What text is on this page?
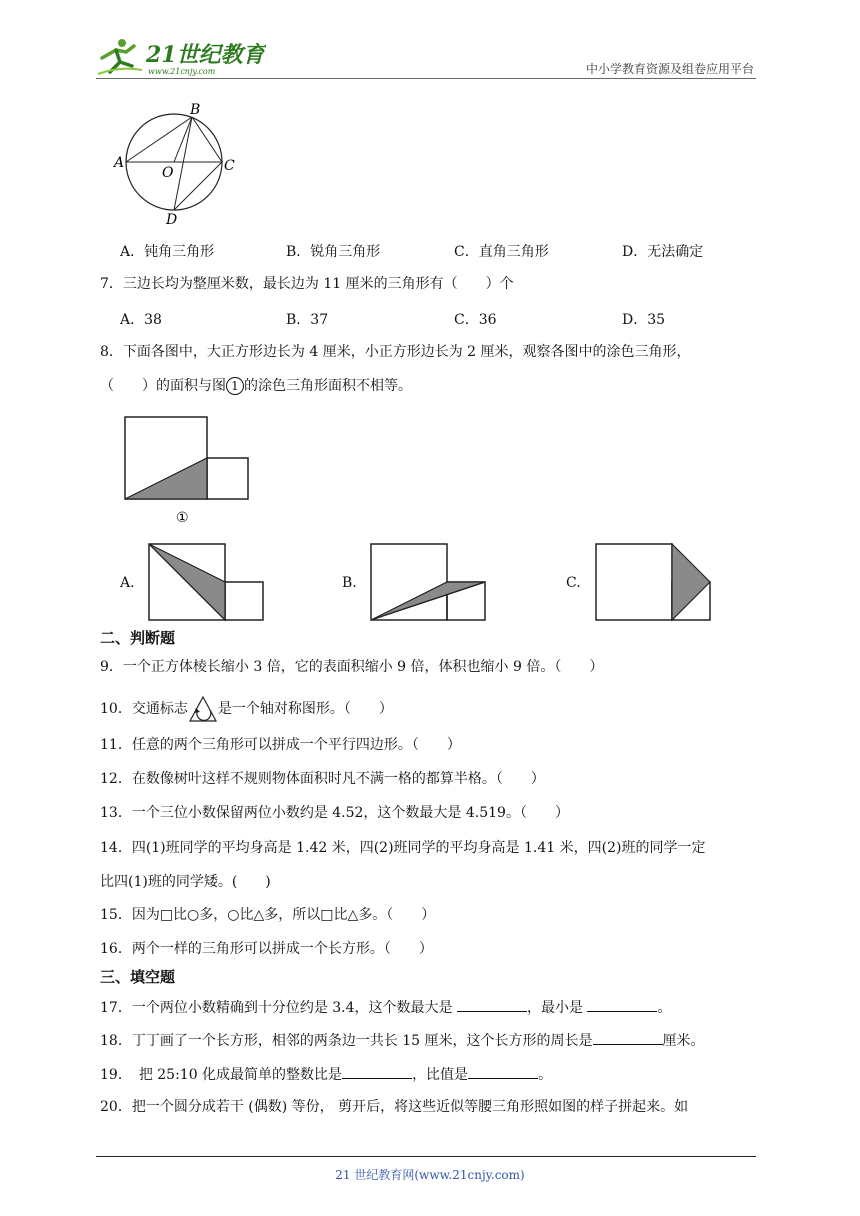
21世纪教育
www.21cnjy.com	中小学教育资源及组卷应用平台
A
B
C
D
O
A．钝角三角形	B．锐角三角形	C．直角三角形	D．无法确定
7．三边长均为整厘米数，最长边为 11 厘米的三角形有（　　）个
A．38	B．37	C．36	D．35
8．下面各图中，大正方形边长为 4 厘米，小正方形边长为 2 厘米，观察各图中的涂色三角形，
（　　）的面积与图 1 的涂色三角形面积不相等。
①
A.	B.	C.
二、判断题
9．一个正方体棱长缩小 3 倍，它的表面积缩小 9 倍，体积也缩小 9 倍。（　　）
10．交通标志 是一个轴对称图形。（　　）
11．任意的两个三角形可以拼成一个平行四边形。（　　）
12．在数像树叶这样不规则物体面积时凡不满一格的都算半格。（　　）
13．一个三位小数保留两位小数约是 4.52，这个数最大是 4.519。（　　）
14．四(1)班同学的平均身高是 1.42 米，四(2)班同学的平均身高是 1.41 米，四(2)班的同学一定
比四(1)班的同学矮。(　　)
15．因为□比○多，○比△多，所以□比△多。（　　）
16．两个一样的三角形可以拼成一个长方形。（　　）
三、填空题
17．一个两位小数精确到十分位约是 3.4，这个数最大是	，最小是	。
18．丁丁画了一个长方形，相邻的两条边一共长 15 厘米，这个长方形的周长是	厘米。
19．　把 25:10 化成最简单的整数比是	，比值是	。
20．把一个圆分成若干 (偶数) 等份， 剪开后，将这些近似等腰三角形照如图的样子拼起来。如
21 世纪教育网(www.21cnjy.com)
